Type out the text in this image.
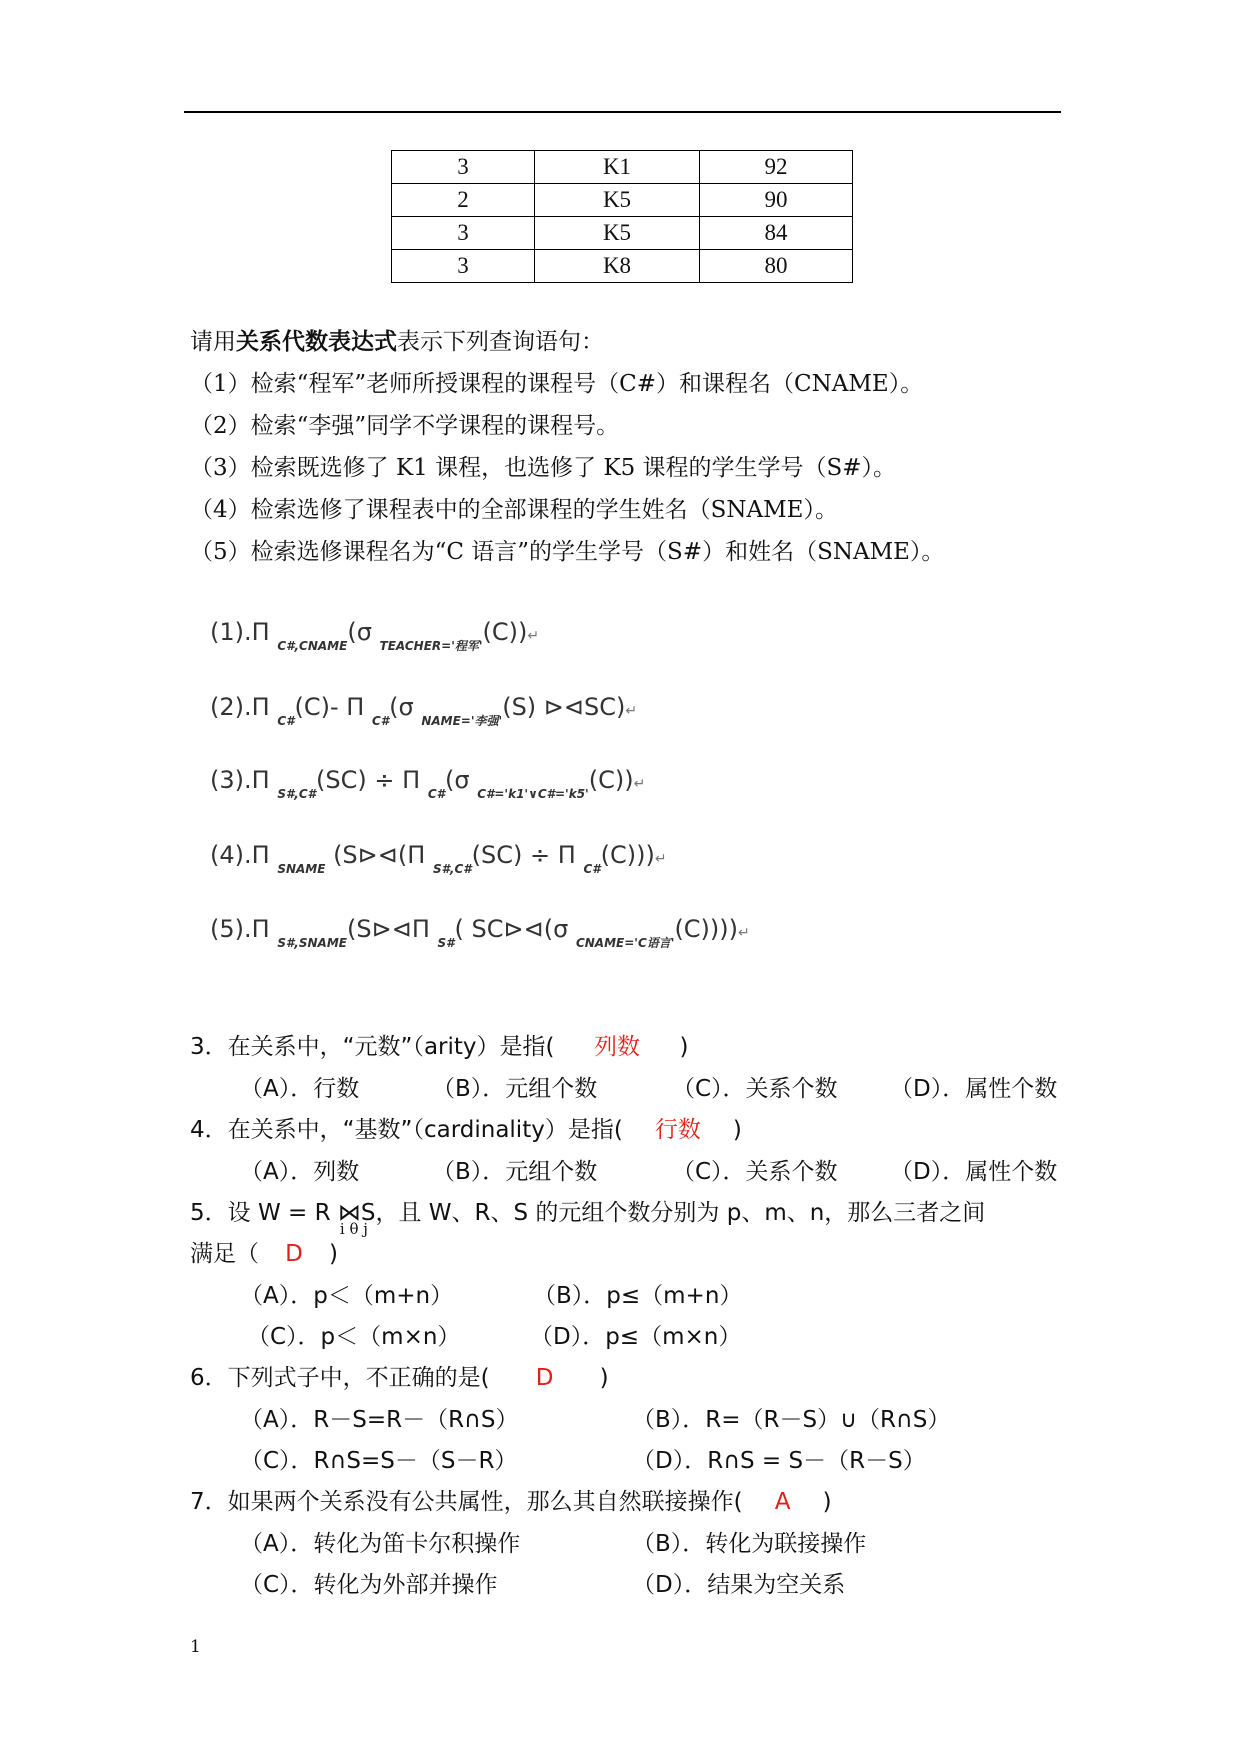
3	K1	92
2	K5	90
3	K5	84
3	K8	80
请用关系代数表达式表示下列查询语句：
（1）检索“程军”老师所授课程的课程号（C#）和课程名（CNAME）。
（2）检索“李强”同学不学课程的课程号。
（3）检索既选修了 K1 课程，也选修了 K5 课程的学生学号（S#）。
（4）检索选修了课程表中的全部课程的学生姓名（SNAME）。
（5）检索选修课程名为“C 语言”的学生学号（S#）和姓名（SNAME）。
(1).Π $_{C\#,CNAME}$(σ $_{TEACHER='程军'}$(C))↵
(2).Π $_{C\#}$(C)- Π $_{C\#}$(σ $_{NAME='李强'}$(S) ⊳⊲SC)↵
(3).Π $_{S\#,C\#}$(SC) ÷ Π $_{C\#}$(σ $_{C\#='k1'\vee C\#='k5'}$(C))↵
(4).Π $_{SNAME}$ (S⊳⊲(Π $_{S\#,C\#}$(SC) ÷ Π $_{C\#}$(C)))↵
(5).Π $_{S\#,SNAME}$(S⊳⊲Π $_{S\#}$( SC⊳⊲(σ $_{CNAME='C语言'}$(C))))↵
3．在关系中，“元数”（arity）是指( 列数 )
（A）．行数	（B）．元组个数	（C）．关系个数 （D）．属性个数
4．在关系中，“基数”（cardinality）是指( 行数 )
（A）．列数	（B）．元组个数	（C）．关系个数 （D）．属性个数
5．设 W = R ⋈
i θ j
S，且 W、R、S 的元组个数分别为 p、m、n，那么三者之间
满足（ D )
（A）．p＜（m+n）	（B）．p≤（m+n）
（C）．p＜（m×n）	（D）．p≤（m×n）
6．下列式子中，不正确的是( D )
（A）．R－S=R－（R∩S）	（B）．R=（R－S）∪（R∩S）
（C）．R∩S=S－（S－R）	（D）．R∩S = S－（R－S）
7．如果两个关系没有公共属性，那么其自然联接操作( A )
（A）．转化为笛卡尔积操作	（B）．转化为联接操作
（C）．转化为外部并操作	（D）．结果为空关系
1
